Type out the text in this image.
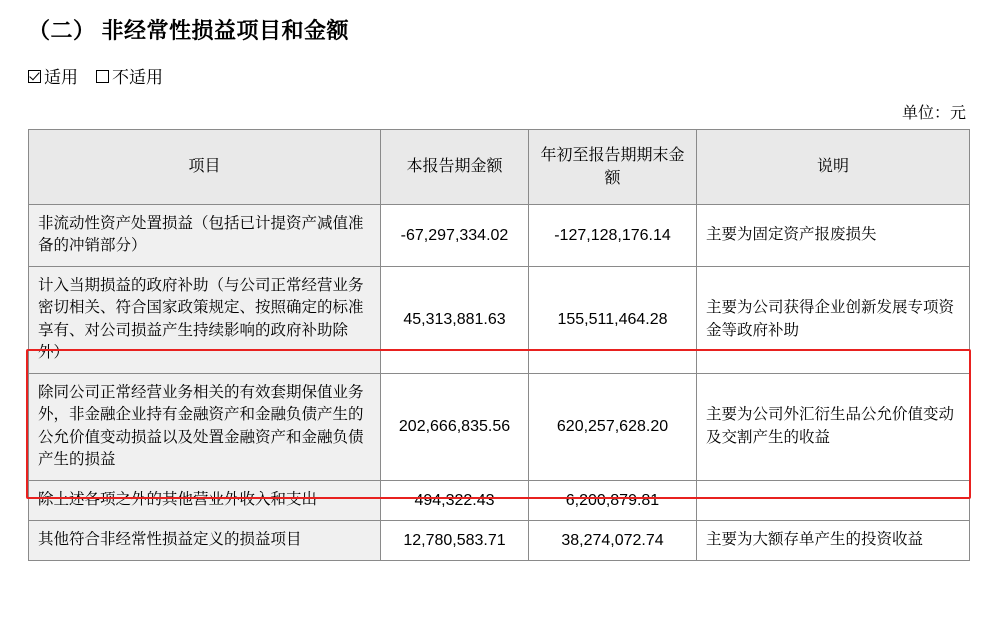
（二） 非经常性损益项目和金额
适用 不适用
单位：元
项目	本报告期金额	年初至报告期期末金额	说明
非流动性资产处置损益（包括已计提资产减值准备的冲销部分）	-67,297,334.02	-127,128,176.14	主要为固定资产报废损失
计入当期损益的政府补助（与公司正常经营业务密切相关、符合国家政策规定、按照确定的标准享有、对公司损益产生持续影响的政府补助除外）	45,313,881.63	155,511,464.28	主要为公司获得企业创新发展专项资金等政府补助
除同公司正常经营业务相关的有效套期保值业务外，非金融企业持有金融资产和金融负债产生的公允价值变动损益以及处置金融资产和金融负债产生的损益	202,666,835.56	620,257,628.20	主要为公司外汇衍生品公允价值变动及交割产生的收益
除上述各项之外的其他营业外收入和支出	494,322.43	6,200,879.81	
其他符合非经常性损益定义的损益项目	12,780,583.71	38,274,072.74	主要为大额存单产生的投资收益
